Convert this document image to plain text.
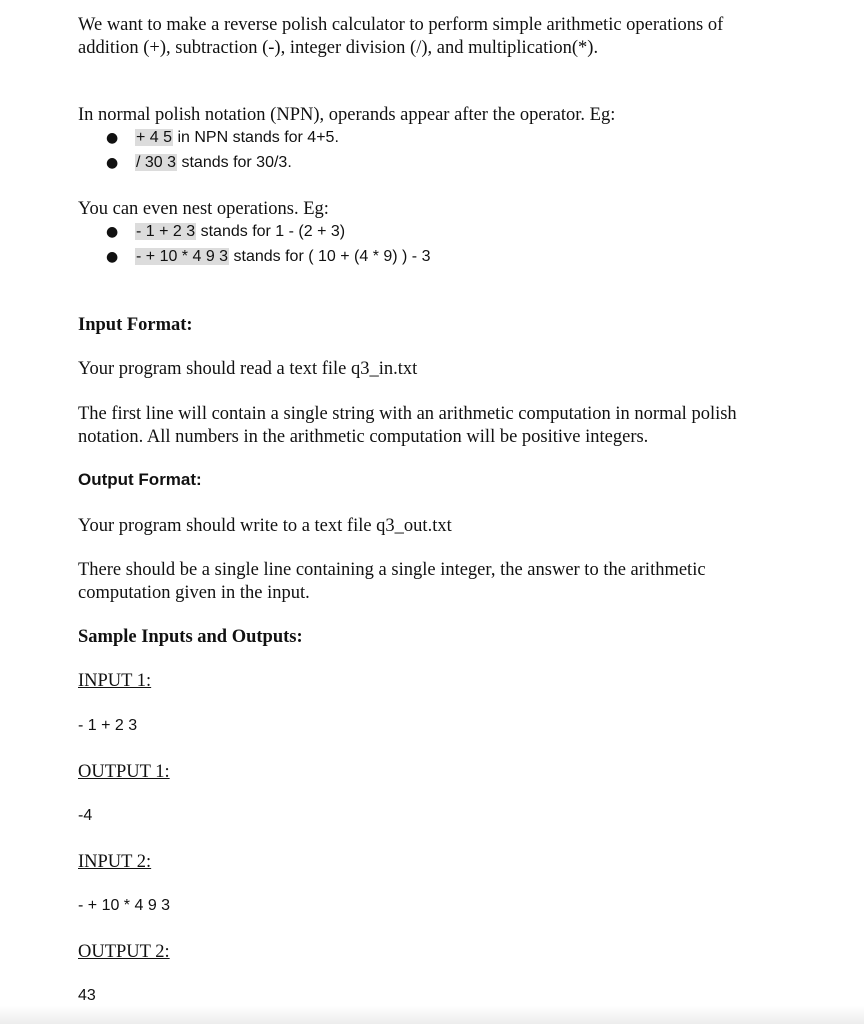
We want to make a reverse polish calculator to perform simple arithmetic operations of

addition (+), subtraction (-), integer division (/), and multiplication(*).

In normal polish notation (NPN), operands appear after the operator. Eg:

● + 4 5 in NPN stands for 4+5.
● / 30 3 stands for 30/3.

You can even nest operations. Eg:

● - 1 + 2 3 stands for 1 - (2 + 3)
● - + 10 * 4 9 3 stands for ( 10 + (4 * 9) ) - 3

Input Format:

Your program should read a text file q3_in.txt

The first line will contain a single string with an arithmetic computation in normal polish

notation. All numbers in the arithmetic computation will be positive integers.

Output Format:

Your program should write to a text file q3_out.txt

There should be a single line containing a single integer, the answer to the arithmetic

computation given in the input.

Sample Inputs and Outputs:

INPUT 1:

- 1 + 2 3

OUTPUT 1:

-4

INPUT 2:

- + 10 * 4 9 3

OUTPUT 2:

43
